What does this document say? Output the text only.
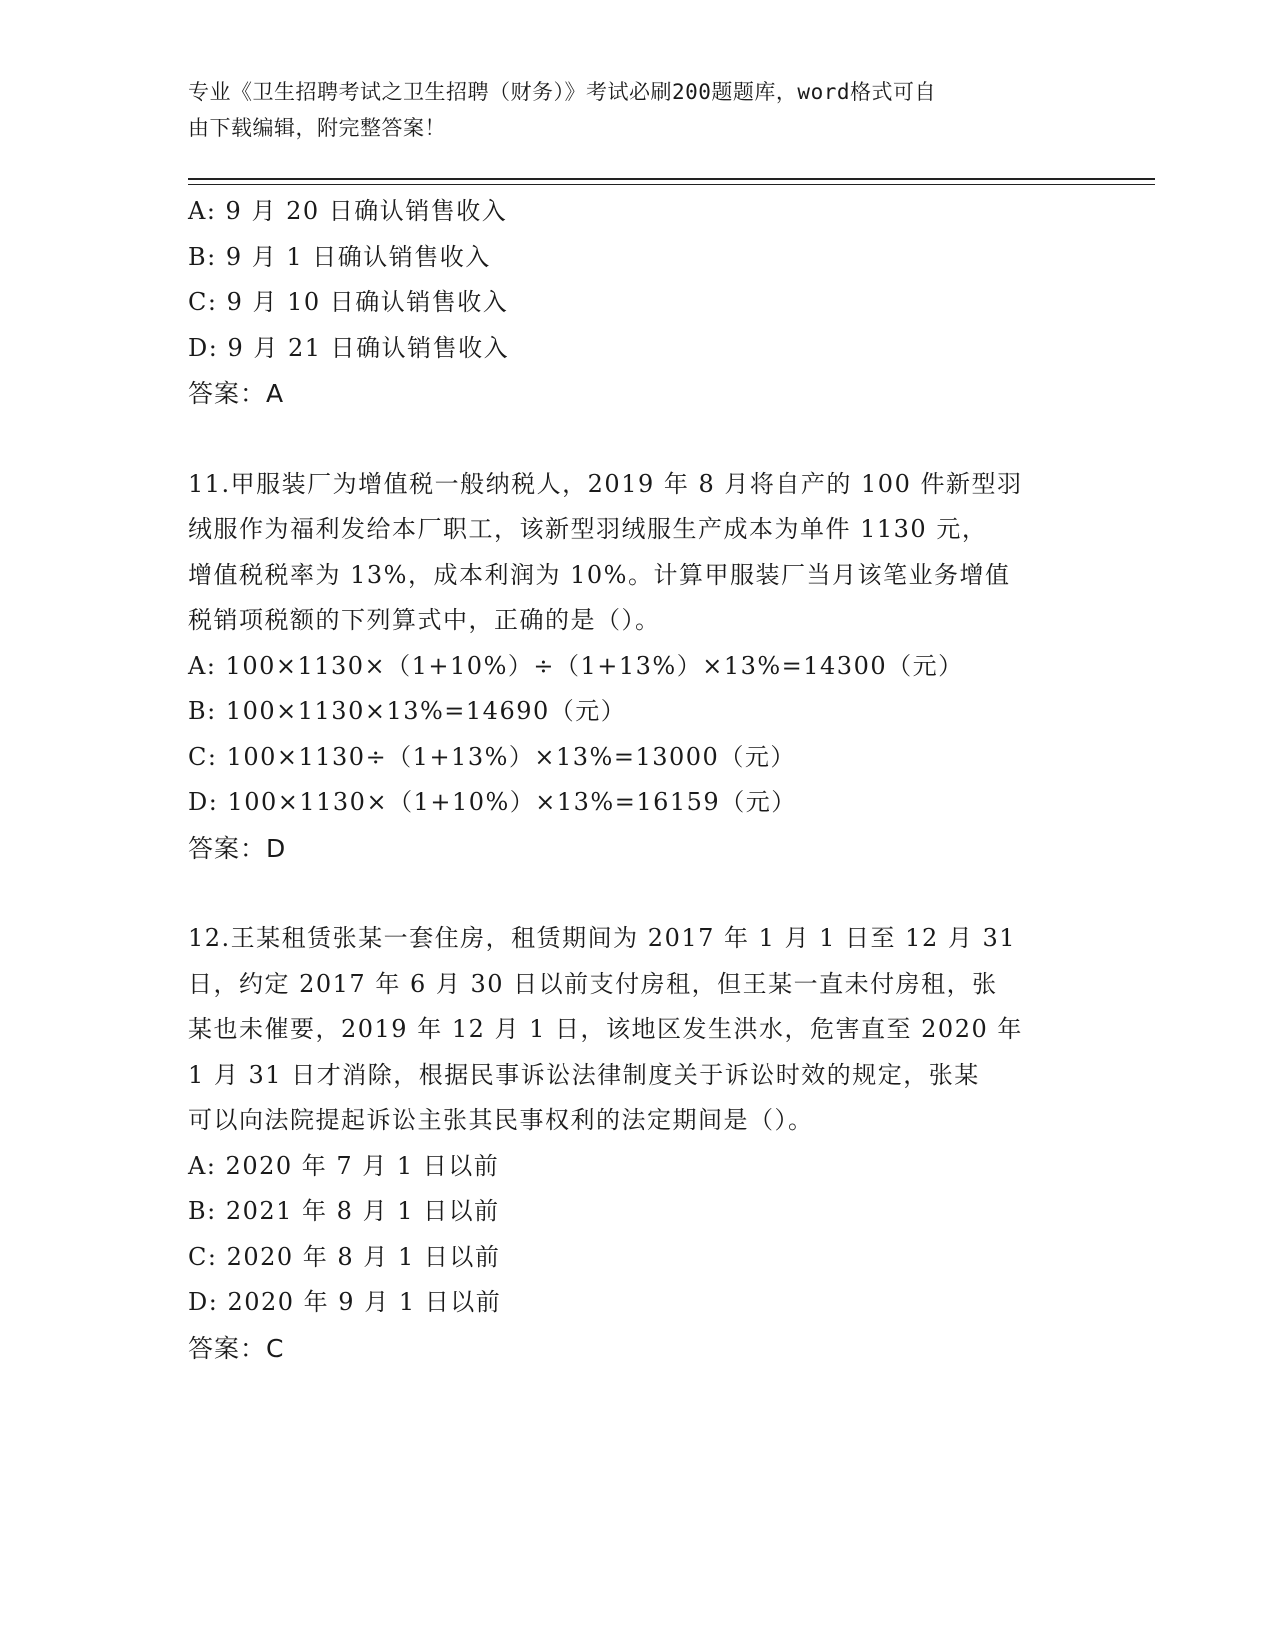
专业《卫生招聘考试之卫生招聘（财务）》考试必刷200题题库，word格式可自
由下载编辑，附完整答案！
A: 9 月 20 日确认销售收入
B: 9 月 1 日确认销售收入
C: 9 月 10 日确认销售收入
D: 9 月 21 日确认销售收入
答案：A
11.甲服装厂为增值税一般纳税人，2019 年 8 月将自产的 100 件新型羽
绒服作为福利发给本厂职工，该新型羽绒服生产成本为单件 1130 元，
增值税税率为 13%，成本利润为 10%。计算甲服装厂当月该笔业务增值
税销项税额的下列算式中，正确的是（）。
A: 100×1130×（1+10%）÷（1+13%）×13%=14300（元）
B: 100×1130×13%=14690（元）
C: 100×1130÷（1+13%）×13%=13000（元）
D: 100×1130×（1+10%）×13%=16159（元）
答案：D
12.王某租赁张某一套住房，租赁期间为 2017 年 1 月 1 日至 12 月 31
日，约定 2017 年 6 月 30 日以前支付房租，但王某一直未付房租，张
某也未催要，2019 年 12 月 1 日，该地区发生洪水，危害直至 2020 年
1 月 31 日才消除，根据民事诉讼法律制度关于诉讼时效的规定，张某
可以向法院提起诉讼主张其民事权利的法定期间是（）。
A: 2020 年 7 月 1 日以前
B: 2021 年 8 月 1 日以前
C: 2020 年 8 月 1 日以前
D: 2020 年 9 月 1 日以前
答案：C
